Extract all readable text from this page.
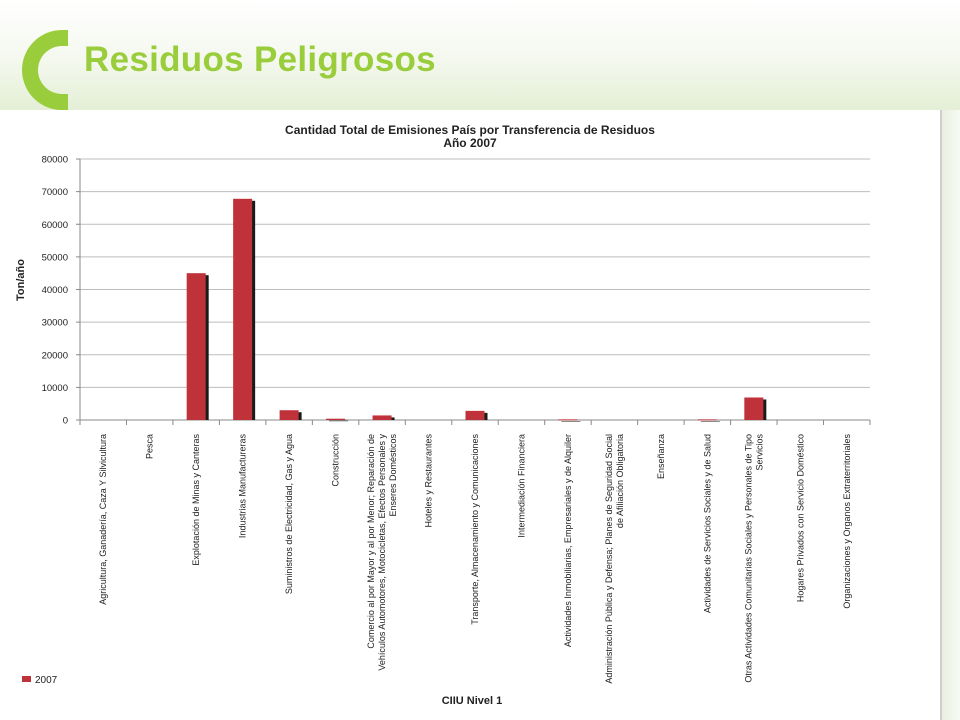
Residuos Peligrosos
Cantidad Total de Emisiones País por Transferencia de Residuos
Año 2007
Ton/año
CIIU Nivel 1
0
10000
20000
30000
40000
50000
60000
70000
80000
Agricultura, Ganadería, Caza Y Silvicultura	Pesca	Explotación de Minas y Canteras	Industrias Manufactureras	Suministros de Electricidad, Gas y Agua	Construcción	Comercio al por Mayor y al por Menor; Reparación deVehículos Automotores, Motocicletas, Efectos Personales yEnseres Domésticos	Hoteles y Restaurantes	Transporte, Almacenamiento y Comunicaciones	Intermediación Financiera	Actividades Inmobiliarias, Empresariales y de Alquiler	Administración Pública y Defensa; Planes de Seguridad Socialde Afiliación Obligatoria	Enseñanza	Actividades de Servicios Sociales y de Salud	Otras Actividades Comunitarias Sociales y Personales de TipoServicios	Hogares Privados con Servicio Doméstico	Organizaciones y Organos Extraterritoriales
2007
